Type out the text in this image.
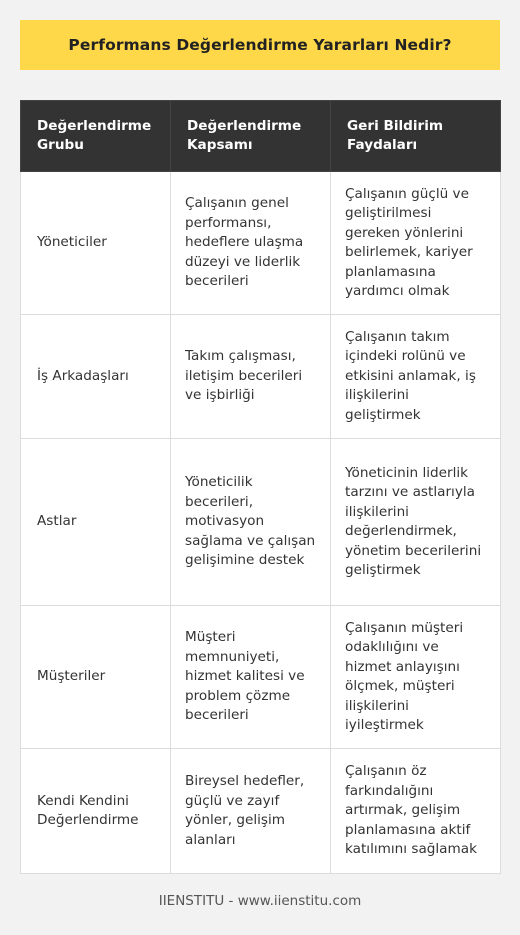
Performans Değerlendirme Yararları Nedir?
Değerlendirme Grubu	Değerlendirme Kapsamı	Geri Bildirim Faydaları
Yöneticiler	Çalışanın genel performansı, hedeflere ulaşma düzeyi ve liderlik becerileri	Çalışanın güçlü ve geliştirilmesi gereken yönlerini belirlemek, kariyer planlamasına yardımcı olmak
İş Arkadaşları	Takım çalışması, iletişim becerileri ve işbirliği	Çalışanın takım içindeki rolünü ve etkisini anlamak, iş ilişkilerini geliştirmek
Astlar	Yöneticilik becerileri, motivasyon sağlama ve çalışan gelişimine destek	Yöneticinin liderlik tarzını ve astlarıyla ilişkilerini değerlendirmek, yönetim becerilerini geliştirmek
Müşteriler	Müşteri memnuniyeti, hizmet kalitesi ve problem çözme becerileri	Çalışanın müşteri odaklılığını ve hizmet anlayışını ölçmek, müşteri ilişkilerini iyileştirmek
Kendi Kendini Değerlendirme	Bireysel hedefler, güçlü ve zayıf yönler, gelişim alanları	Çalışanın öz farkındalığını artırmak, gelişim planlamasına aktif katılımını sağlamak
IIENSTITU - www.iienstitu.com
